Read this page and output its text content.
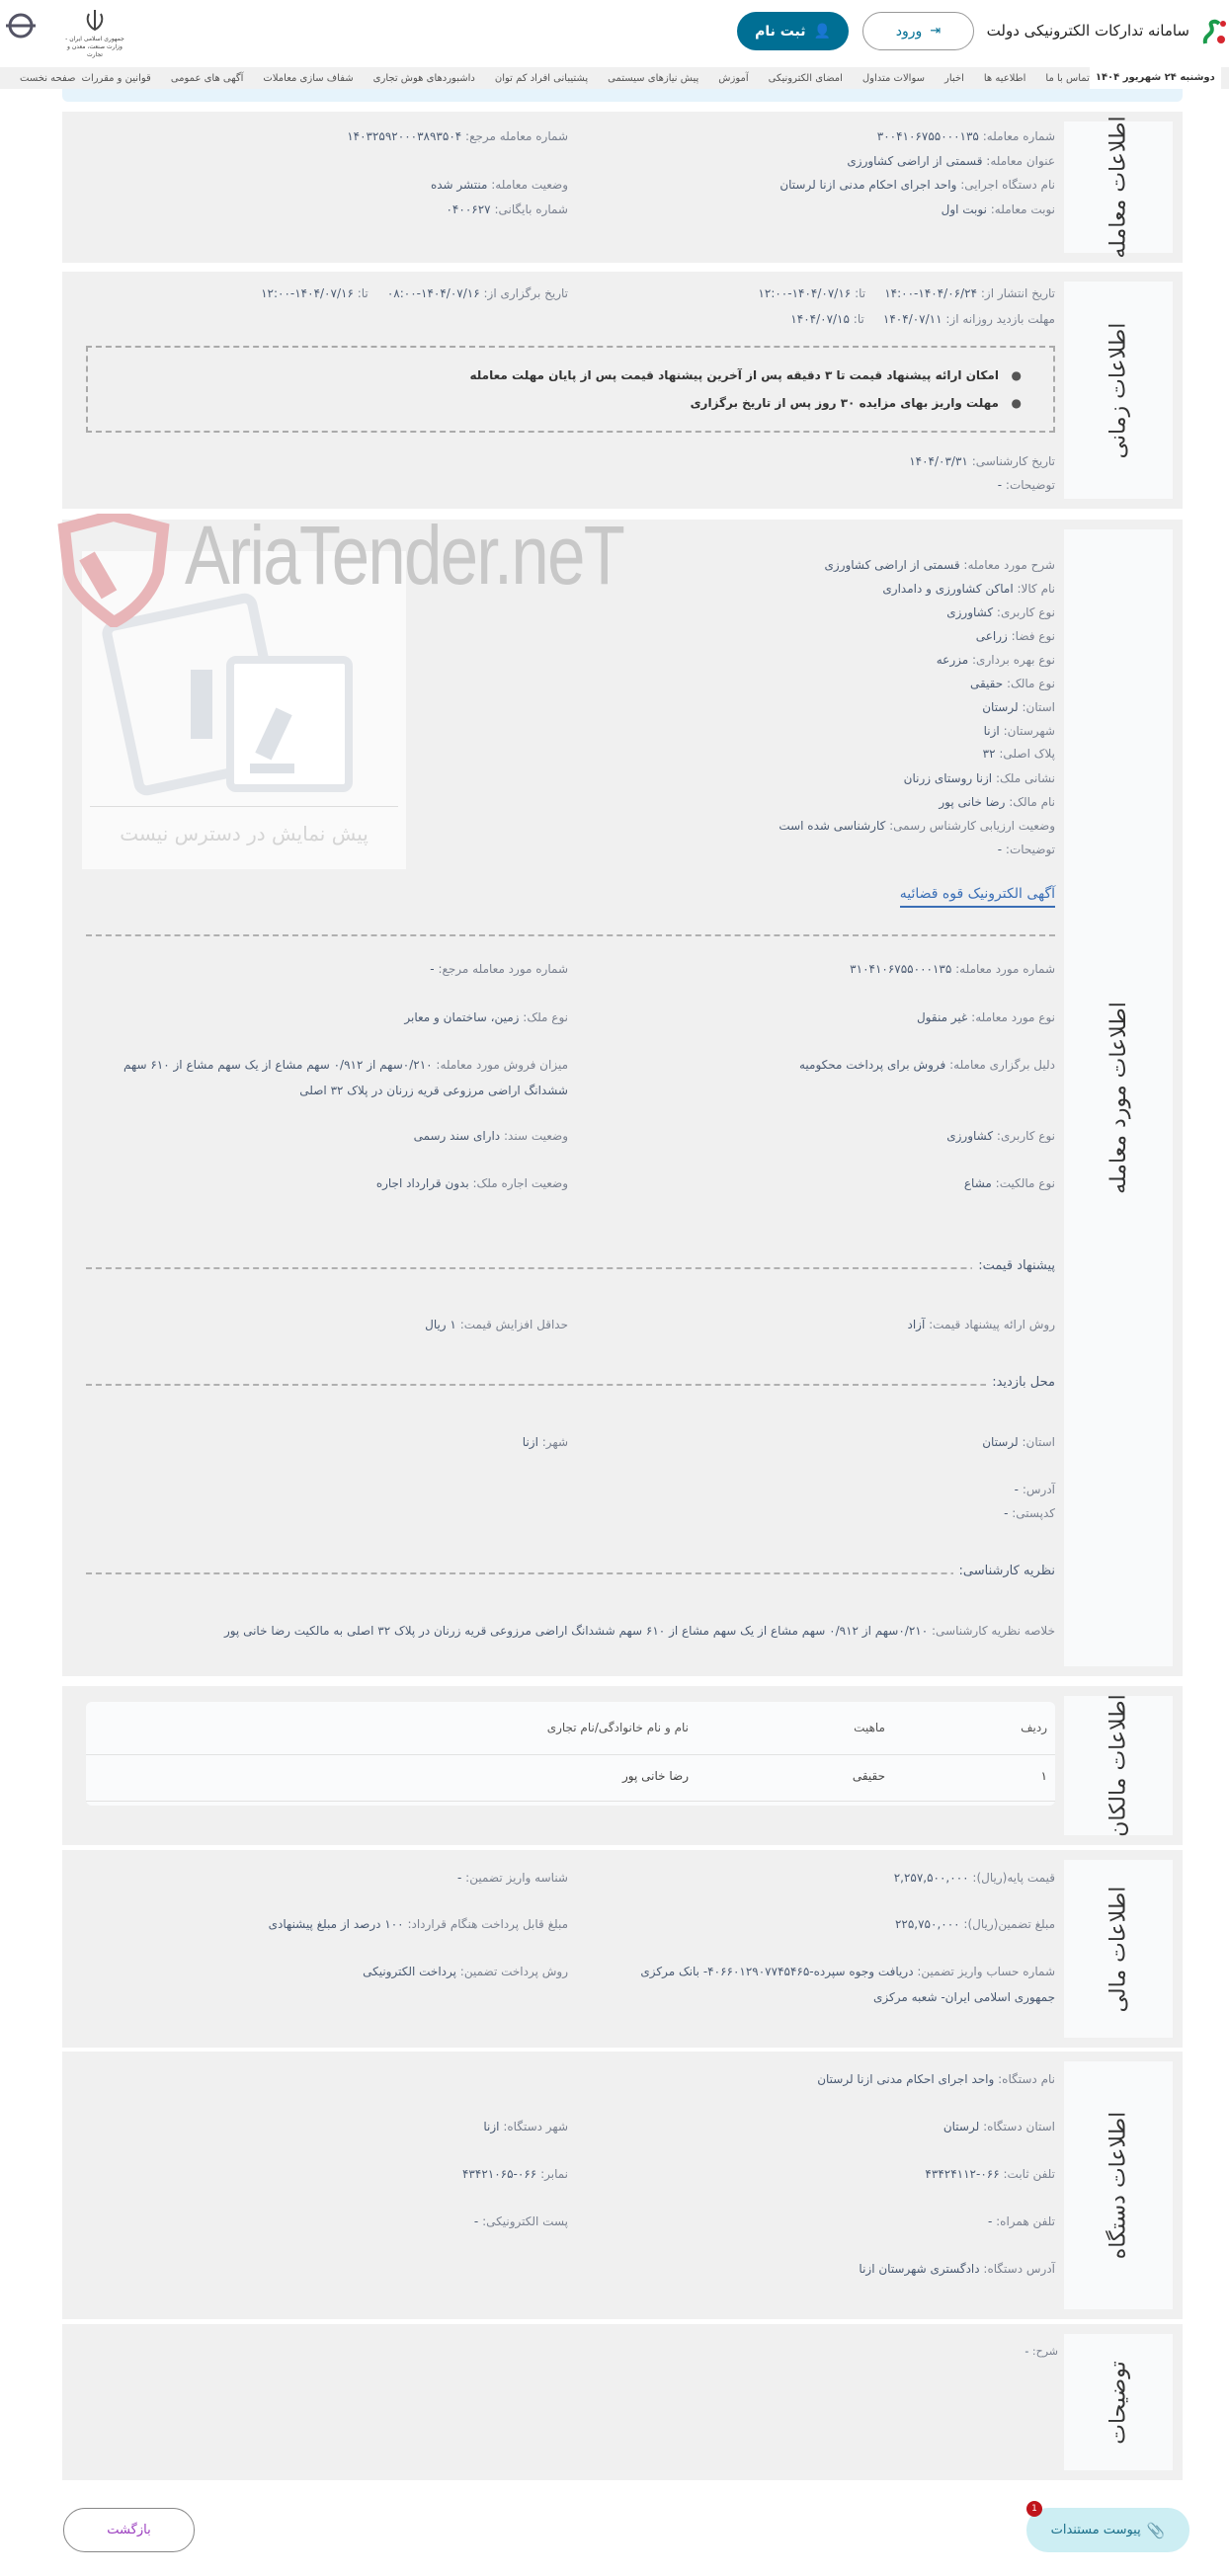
سامانه تدارکات الکترونیکی دولت
⇥
ورود
👤
ثبت نام
جمهوری اسلامی ایران - وزارت صنعت، معدن و تجارت
صفحه نخست قوانین و مقررات آگهی های عمومی شفاف سازی معاملات داشبوردهای هوش تجاری پشتیبانی افراد کم توان پیش نیازهای سیستمی آموزش امضای الکترونیکی سوالات متداول اخبار اطلاعیه ها تماس با ما دوشنبه ۲۴ شهریور ۱۴۰۴
اطلاعات معامله
شماره معامله: ۳۰۰۴۱۰۶۷۵۵۰۰۰۱۳۵
شماره معامله مرجع: ۱۴۰۳۲۵۹۲۰۰۰۳۸۹۳۵۰۴
عنوان معامله: قسمتی از اراضی کشاورزی
نام دستگاه اجرایی: واحد اجرای احکام مدنی ازنا لرستان
وضعیت معامله: منتشر شده
نوبت معامله: نوبت اول
شماره بایگانی: ۰۴۰۰۶۲۷
اطلاعات زمانی
تاریخ انتشار از: ۱۴۰۴/۰۶/۲۴-۱۴:۰۰     تا: ۱۴۰۴/۰۷/۱۶-۱۲:۰۰
تاریخ برگزاری از: ۱۴۰۴/۰۷/۱۶-۰۸:۰۰     تا: ۱۴۰۴/۰۷/۱۶-۱۲:۰۰
مهلت بازدید روزانه از: ۱۴۰۴/۰۷/۱۱     تا: ۱۴۰۴/۰۷/۱۵
●   امکان ارائه پیشنهاد قیمت تا ۳ دقیقه پس از آخرین پیشنهاد قیمت پس از پایان مهلت معامله
●   مهلت واریز بهای مزایده ۳۰ روز پس از تاریخ برگزاری
تاریخ کارشناسی: ۱۴۰۴/۰۳/۳۱
توضیحات: -
اطلاعات مورد معامله
پیش نمایش در دسترس نیست
AriaTender.neT	شرح مورد معامله: قسمتی از اراضی کشاورزی
نام کالا: اماکن کشاورزی و دامداری
نوع کاربری: کشاورزی
نوع فضا: زراعی
نوع بهره برداری: مزرعه
نوع مالک: حقیقی
استان: لرستان
شهرستان: ازنا
پلاک اصلی: ۳۲
نشانی ملک: ازنا روستای زرنان
نام مالک: رضا خانی پور
وضعیت ارزیابی کارشناس رسمی: کارشناسی شده است
توضیحات: -
آگهی الکترونیک قوه قضائیه
شماره مورد معامله: ۳۱۰۴۱۰۶۷۵۵۰۰۰۱۳۵
شماره مورد معامله مرجع: -
نوع مورد معامله: غیر منقول
نوع ملک: زمین، ساختمان و معابر
دلیل برگزاری معامله: فروش برای پرداخت محکومیه
میزان فروش مورد معامله: ۰/۲۱۰سهم از ۰/۹۱۲ سهم مشاع از یک سهم مشاع از ۶۱۰ سهم ششدانگ اراضی مرزوعی قریه زرنان در پلاک ۳۲ اصلی
نوع کاربری: کشاورزی
وضعیت سند: دارای سند رسمی
نوع مالکیت: مشاع
وضعیت اجاره ملک: بدون قرارداد اجاره
پیشنهاد قیمت:
روش ارائه پیشنهاد قیمت: آزاد
حداقل افزایش قیمت: ۱ ریال
محل بازدید:
استان: لرستان
شهر: ازنا
آدرس: -
کدپستی: -
نظریه کارشناسی:
خلاصه نظریه کارشناسی: ۰/۲۱۰سهم از ۰/۹۱۲ سهم مشاع از یک سهم مشاع از ۶۱۰ سهم ششدانگ اراضی مرزوعی قریه زرنان در پلاک ۳۲ اصلی به مالکیت رضا خانی پور
اطلاعات مالکان
ردیف
ماهیت
نام و نام خانوادگی/نام تجاری
۱
حقیقی
رضا خانی پور
اطلاعات مالی
قیمت پایه(ریال): ۲,۲۵۷,۵۰۰,۰۰۰
شناسه واریز تضمین: -
مبلغ تضمین(ریال): ۲۲۵,۷۵۰,۰۰۰
مبلغ قابل پرداخت هنگام قرارداد: ۱۰۰ درصد از مبلغ پیشنهادی
شماره حساب واریز تضمین: دریافت وجوه سپرده-۴۰۶۶۰۱۲۹۰۷۷۴۵۴۶۵- بانک مرکزی جمهوری اسلامی ایران- شعبه مرکزی
روش پرداخت تضمین: پرداخت الکترونیکی
اطلاعات دستگاه
نام دستگاه: واحد اجرای احکام مدنی ازنا لرستان
استان دستگاه: لرستان
شهر دستگاه: ازنا
تلفن ثابت: ۰۶۶-۴۳۴۲۴۱۱۲
نمابر: ۰۶۶-۴۳۴۲۱۰۶۵
تلفن همراه: -
پست الکترونیکی: -
آدرس دستگاه: دادگستری شهرستان ازنا
توضیحات
شرح: -
📎
پیوست مستندات
1
بازگشت
